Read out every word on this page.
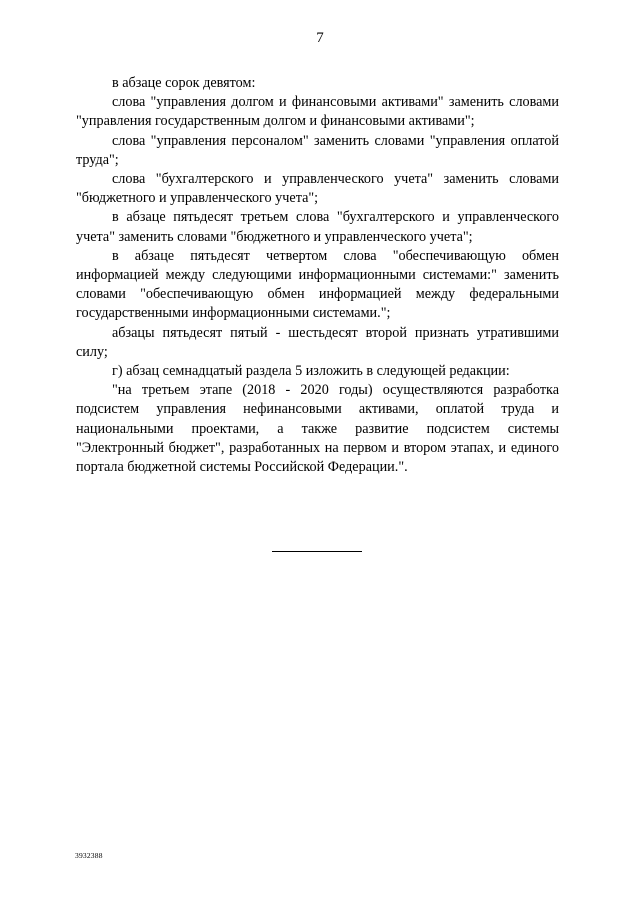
7

в абзаце сорок девятом:

слова "управления долгом и финансовыми активами" заменить словами "управления государственным долгом и финансовыми активами";

слова "управления персоналом" заменить словами "управления оплатой труда";

слова "бухгалтерского и управленческого учета" заменить словами "бюджетного и управленческого учета";

в абзаце пятьдесят третьем слова "бухгалтерского и управленческого учета" заменить словами "бюджетного и управленческого учета";

в абзаце пятьдесят четвертом слова "обеспечивающую обмен информацией между следующими информационными системами:" заменить словами "обеспечивающую обмен информацией между федеральными государственными информационными системами.";

абзацы пятьдесят пятый - шестьдесят второй признать утратившими силу;

г) абзац семнадцатый раздела 5 изложить в следующей редакции:

"на третьем этапе (2018 - 2020 годы) осуществляются разработка подсистем управления нефинансовыми активами, оплатой труда и национальными проектами, а также развитие подсистем системы "Электронный бюджет", разработанных на первом и втором этапах, и единого портала бюджетной системы Российской Федерации.".

3932388
